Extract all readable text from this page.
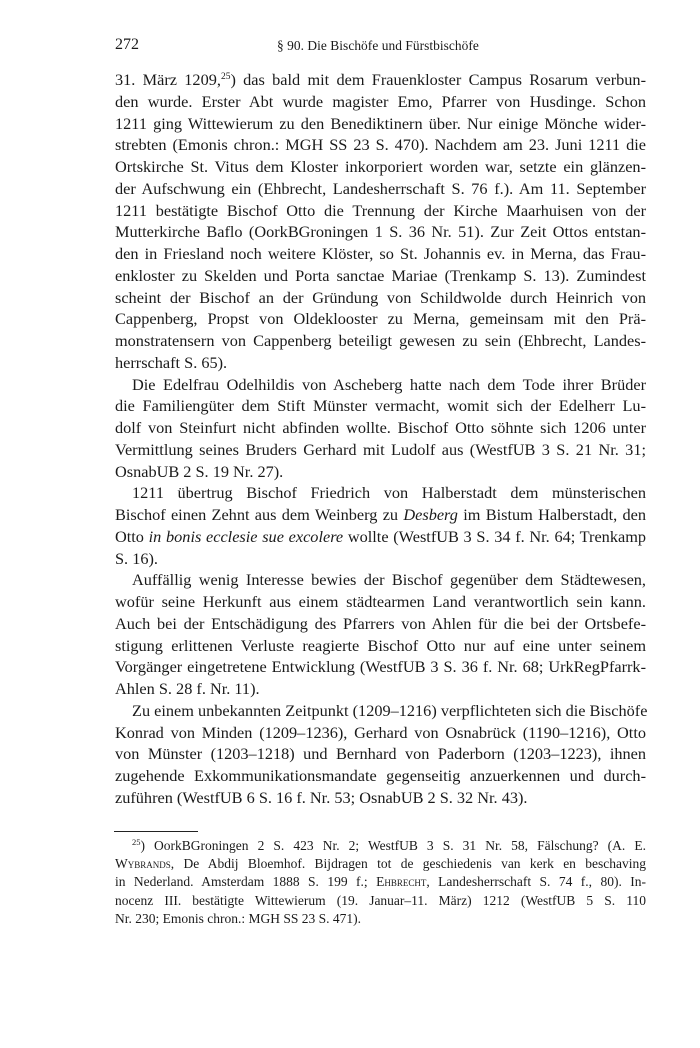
272	§ 90. Die Bischöfe und Fürstbischöfe
31. März 1209,25) das bald mit dem Frauenkloster Campus Rosarum verbun-
den wurde. Erster Abt wurde magister Emo, Pfarrer von Husdinge. Schon
1211 ging Wittewierum zu den Benediktinern über. Nur einige Mönche wider-
strebten (Emonis chron.: MGH SS 23 S. 470). Nachdem am 23. Juni 1211 die
Ortskirche St. Vitus dem Kloster inkorporiert worden war, setzte ein glänzen-
der Aufschwung ein (Ehbrecht, Landesherrschaft S. 76 f.). Am 11. September
1211 bestätigte Bischof Otto die Trennung der Kirche Maarhuisen von der
Mutterkirche Baflo (OorkBGroningen 1 S. 36 Nr. 51). Zur Zeit Ottos entstan-
den in Friesland noch weitere Klöster, so St. Johannis ev. in Merna, das Frau-
enkloster zu Skelden und Porta sanctae Mariae (Trenkamp S. 13). Zumindest
scheint der Bischof an der Gründung von Schildwolde durch Heinrich von
Cappenberg, Propst von Oldeklooster zu Merna, gemeinsam mit den Prä-
monstratensern von Cappenberg beteiligt gewesen zu sein (Ehbrecht, Landes-
herrschaft S. 65).
Die Edelfrau Odelhildis von Ascheberg hatte nach dem Tode ihrer Brüder
die Familiengüter dem Stift Münster vermacht, womit sich der Edelherr Lu-
dolf von Steinfurt nicht abfinden wollte. Bischof Otto söhnte sich 1206 unter
Vermittlung seines Bruders Gerhard mit Ludolf aus (WestfUB 3 S. 21 Nr. 31;
OsnabUB 2 S. 19 Nr. 27).
1211 übertrug Bischof Friedrich von Halberstadt dem münsterischen
Bischof einen Zehnt aus dem Weinberg zu Desberg im Bistum Halberstadt, den
Otto in bonis ecclesie sue excolere wollte (WestfUB 3 S. 34 f. Nr. 64; Trenkamp
S. 16).
Auffällig wenig Interesse bewies der Bischof gegenüber dem Städtewesen,
wofür seine Herkunft aus einem städtearmen Land verantwortlich sein kann.
Auch bei der Entschädigung des Pfarrers von Ahlen für die bei der Ortsbefe-
stigung erlittenen Verluste reagierte Bischof Otto nur auf eine unter seinem
Vorgänger eingetretene Entwicklung (WestfUB 3 S. 36 f. Nr. 68; UrkRegPfarrk-
Ahlen S. 28 f. Nr. 11).
Zu einem unbekannten Zeitpunkt (1209–1216) verpflichteten sich die Bischöfe
Konrad von Minden (1209–1236), Gerhard von Osnabrück (1190–1216), Otto
von Münster (1203–1218) und Bernhard von Paderborn (1203–1223), ihnen
zugehende Exkommunikationsmandate gegenseitig anzuerkennen und durch-
zuführen (WestfUB 6 S. 16 f. Nr. 53; OsnabUB 2 S. 32 Nr. 43).
$^{25}$) OorkBGroningen 2 S. 423 Nr. 2; WestfUB 3 S. 31 Nr. 58, Fälschung? (A. E.
Wybrands, De Abdij Bloemhof. Bijdragen tot de geschiedenis van kerk en beschaving
in Nederland. Amsterdam 1888 S. 199 f.; Ehbrecht, Landesherrschaft S. 74 f., 80). In-
nocenz III. bestätigte Wittewierum (19. Januar–11. März) 1212 (WestfUB 5 S. 110
Nr. 230; Emonis chron.: MGH SS 23 S. 471).
